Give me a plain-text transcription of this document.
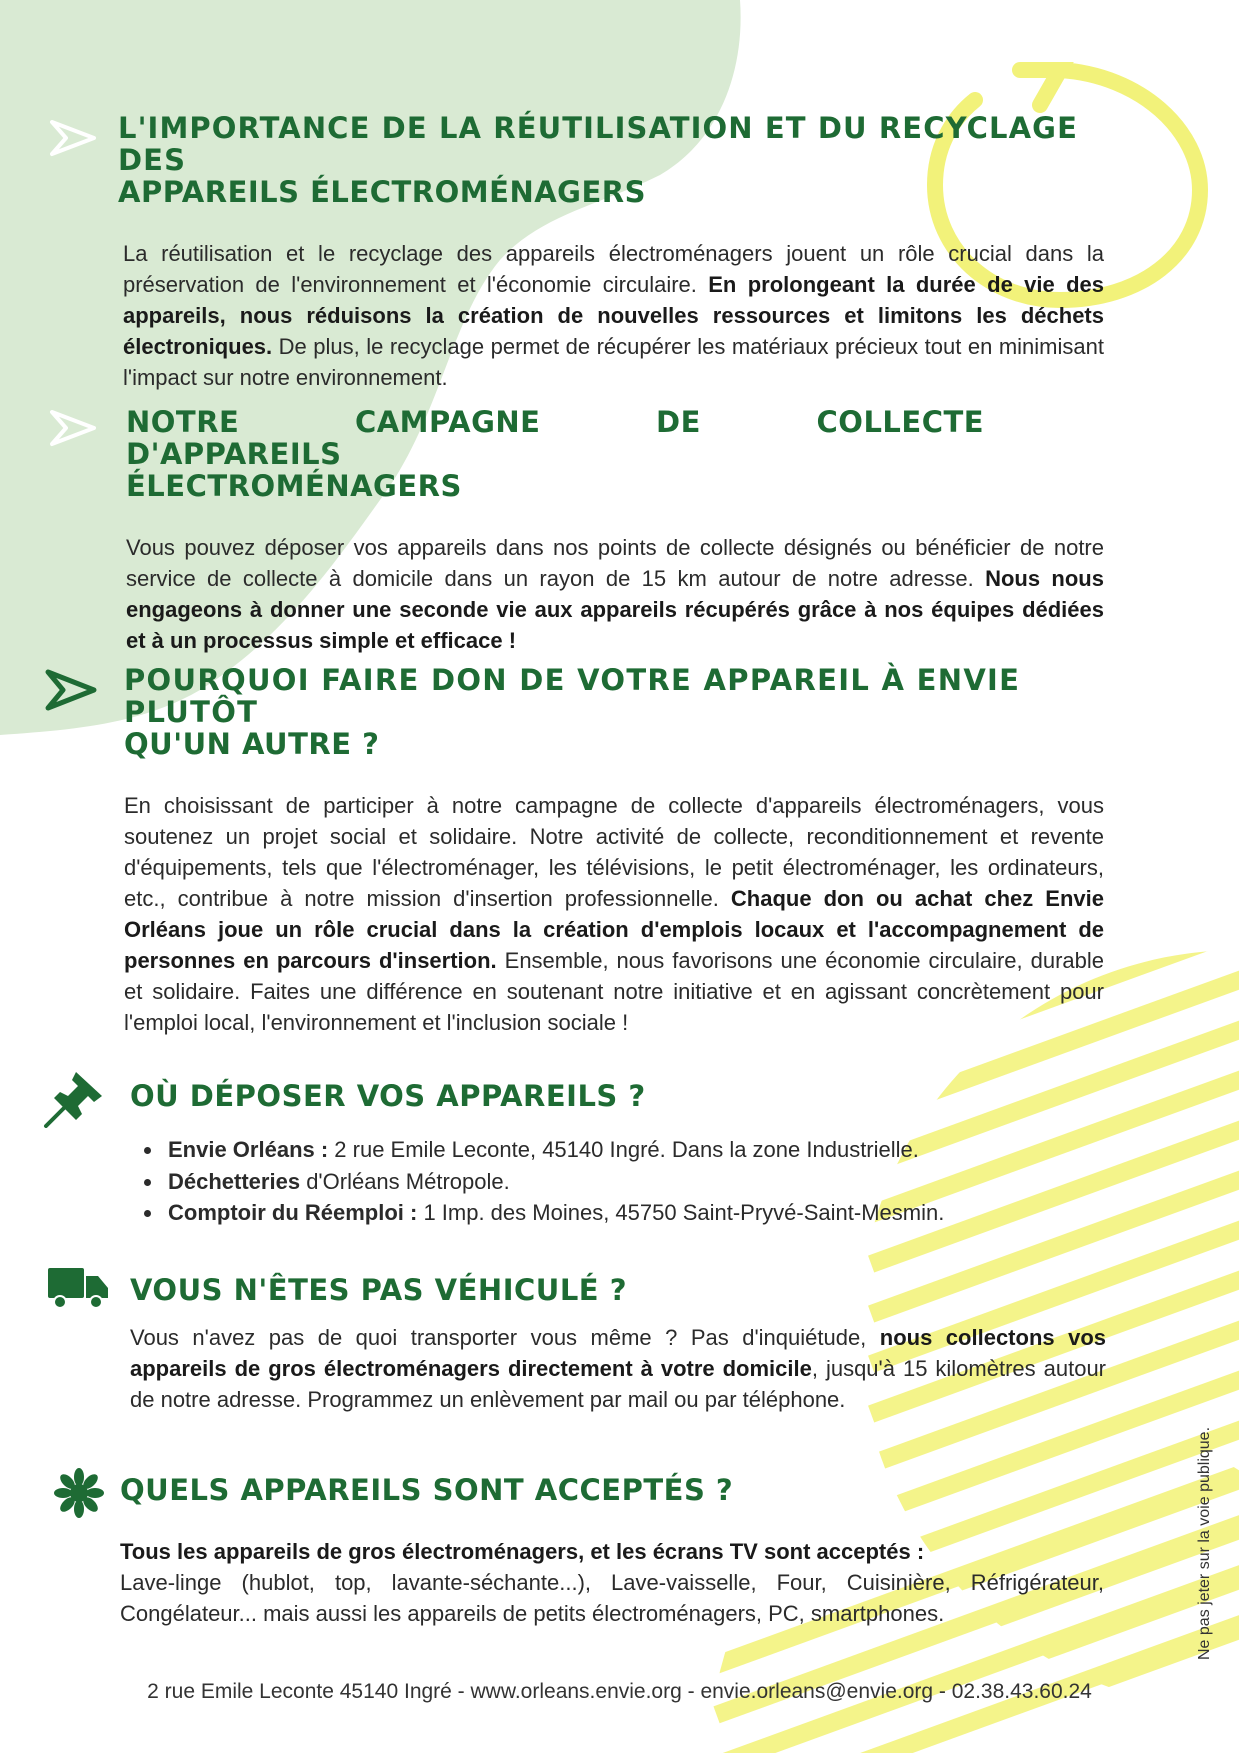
L'IMPORTANCE DE LA RÉUTILISATION ET DU RECYCLAGE DES
APPAREILS ÉLECTROMÉNAGERS

La réutilisation et le recyclage des appareils électroménagers jouent un rôle crucial dans la préservation de l'environnement et l'économie circulaire. En prolongeant la durée de vie des appareils, nous réduisons la création de nouvelles ressources et limitons les déchets électroniques. De plus, le recyclage permet de récupérer les matériaux précieux tout en minimisant l'impact sur notre environnement.

NOTRE CAMPAGNE DE COLLECTE D'APPAREILS
ÉLECTROMÉNAGERS

Vous pouvez déposer vos appareils dans nos points de collecte désignés ou bénéficier de notre service de collecte à domicile dans un rayon de 15 km autour de notre adresse. Nous nous engageons à donner une seconde vie aux appareils récupérés grâce à nos équipes dédiées et à un processus simple et efficace !

POURQUOI FAIRE DON DE VOTRE APPAREIL À ENVIE PLUTÔT
QU'UN AUTRE ?

En choisissant de participer à notre campagne de collecte d'appareils électroménagers, vous soutenez un projet social et solidaire. Notre activité de collecte, reconditionnement et revente d'équipements, tels que l'électroménager, les télévisions, le petit électroménager, les ordinateurs, etc., contribue à notre mission d'insertion professionnelle. Chaque don ou achat chez Envie Orléans joue un rôle crucial dans la création d'emplois locaux et l'accompagnement de personnes en parcours d'insertion. Ensemble, nous favorisons une économie circulaire, durable et solidaire. Faites une différence en soutenant notre initiative et en agissant concrètement pour l'emploi local, l'environnement et l'inclusion sociale !

OÙ DÉPOSER VOS APPAREILS ?
• Envie Orléans : 2 rue Emile Leconte, 45140 Ingré. Dans la zone Industrielle.
• Déchetteries d'Orléans Métropole.
• Comptoir du Réemploi : 1 Imp. des Moines, 45750 Saint-Pryvé-Saint-Mesmin.
VOUS N'ÊTES PAS VÉHICULÉ ?

Vous n'avez pas de quoi transporter vous même ? Pas d'inquiétude, nous collectons vos appareils de gros électroménagers directement à votre domicile, jusqu'à 15 kilomètres autour de notre adresse. Programmez un enlèvement par mail ou par téléphone.

QUELS APPAREILS SONT ACCEPTÉS ?

Tous les appareils de gros électroménagers, et les écrans TV sont acceptés :
Lave-linge (hublot, top, lavante-séchante...), Lave-vaisselle, Four, Cuisinière, Réfrigérateur, Congélateur... mais aussi les appareils de petits électroménagers, PC, smartphones.

2 rue Emile Leconte 45140 Ingré - www.orleans.envie.org - envie.orleans@envie.org - 02.38.43.60.24
Ne pas jeter sur la voie publique.
